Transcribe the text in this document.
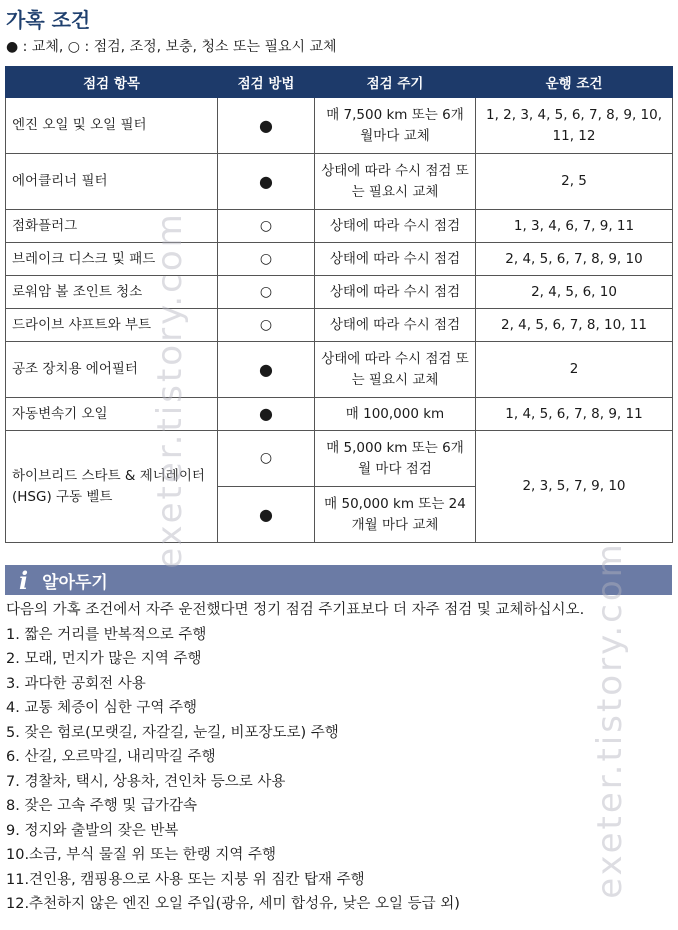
가혹 조건
● : 교체, ○ : 점검, 조정, 보충, 청소 또는 필요시 교체
점검 항목	점검 방법	점검 주기	운행 조건
엔진 오일 및 오일 필터	●	매 7,500 km 또는 6개월마다 교체	1, 2, 3, 4, 5, 6, 7, 8, 9, 10, 11, 12
에어클리너 필터	●	상태에 따라 수시 점검 또는 필요시 교체	2, 5
점화플러그	○	상태에 따라 수시 점검	1, 3, 4, 6, 7, 9, 11
브레이크 디스크 및 패드	○	상태에 따라 수시 점검	2, 4, 5, 6, 7, 8, 9, 10
로워암 볼 조인트 청소	○	상태에 따라 수시 점검	2, 4, 5, 6, 10
드라이브 샤프트와 부트	○	상태에 따라 수시 점검	2, 4, 5, 6, 7, 8, 10, 11
공조 장치용 에어필터	●	상태에 따라 수시 점검 또는 필요시 교체	2
자동변속기 오일	●	매 100,000 km	1, 4, 5, 6, 7, 8, 9, 11
하이브리드 스타트 & 제너레이터(HSG) 구동 벨트	○	매 5,000 km 또는 6개월 마다 점검	2, 3, 5, 7, 9, 10
	●	매 50,000 km 또는 24개월 마다 교체	
i 알아두기
다음의 가혹 조건에서 자주 운전했다면 정기 점검 주기표보다 더 자주 점검 및 교체하십시오.
1. 짧은 거리를 반복적으로 주행
2. 모래, 먼지가 많은 지역 주행
3. 과다한 공회전 사용
4. 교통 체증이 심한 구역 주행
5. 잦은 험로(모랫길, 자갈길, 눈길, 비포장도로) 주행
6. 산길, 오르막길, 내리막길 주행
7. 경찰차, 택시, 상용차, 견인차 등으로 사용
8. 잦은 고속 주행 및 급가감속
9. 정지와 출발의 잦은 반복
10.소금, 부식 물질 위 또는 한랭 지역 주행
11.견인용, 캠핑용으로 사용 또는 지붕 위 짐칸 탑재 주행
12.추천하지 않은 엔진 오일 주입(광유, 세미 합성유, 낮은 오일 등급 외)
exeter.tistory.com
exeter.tistory.com
